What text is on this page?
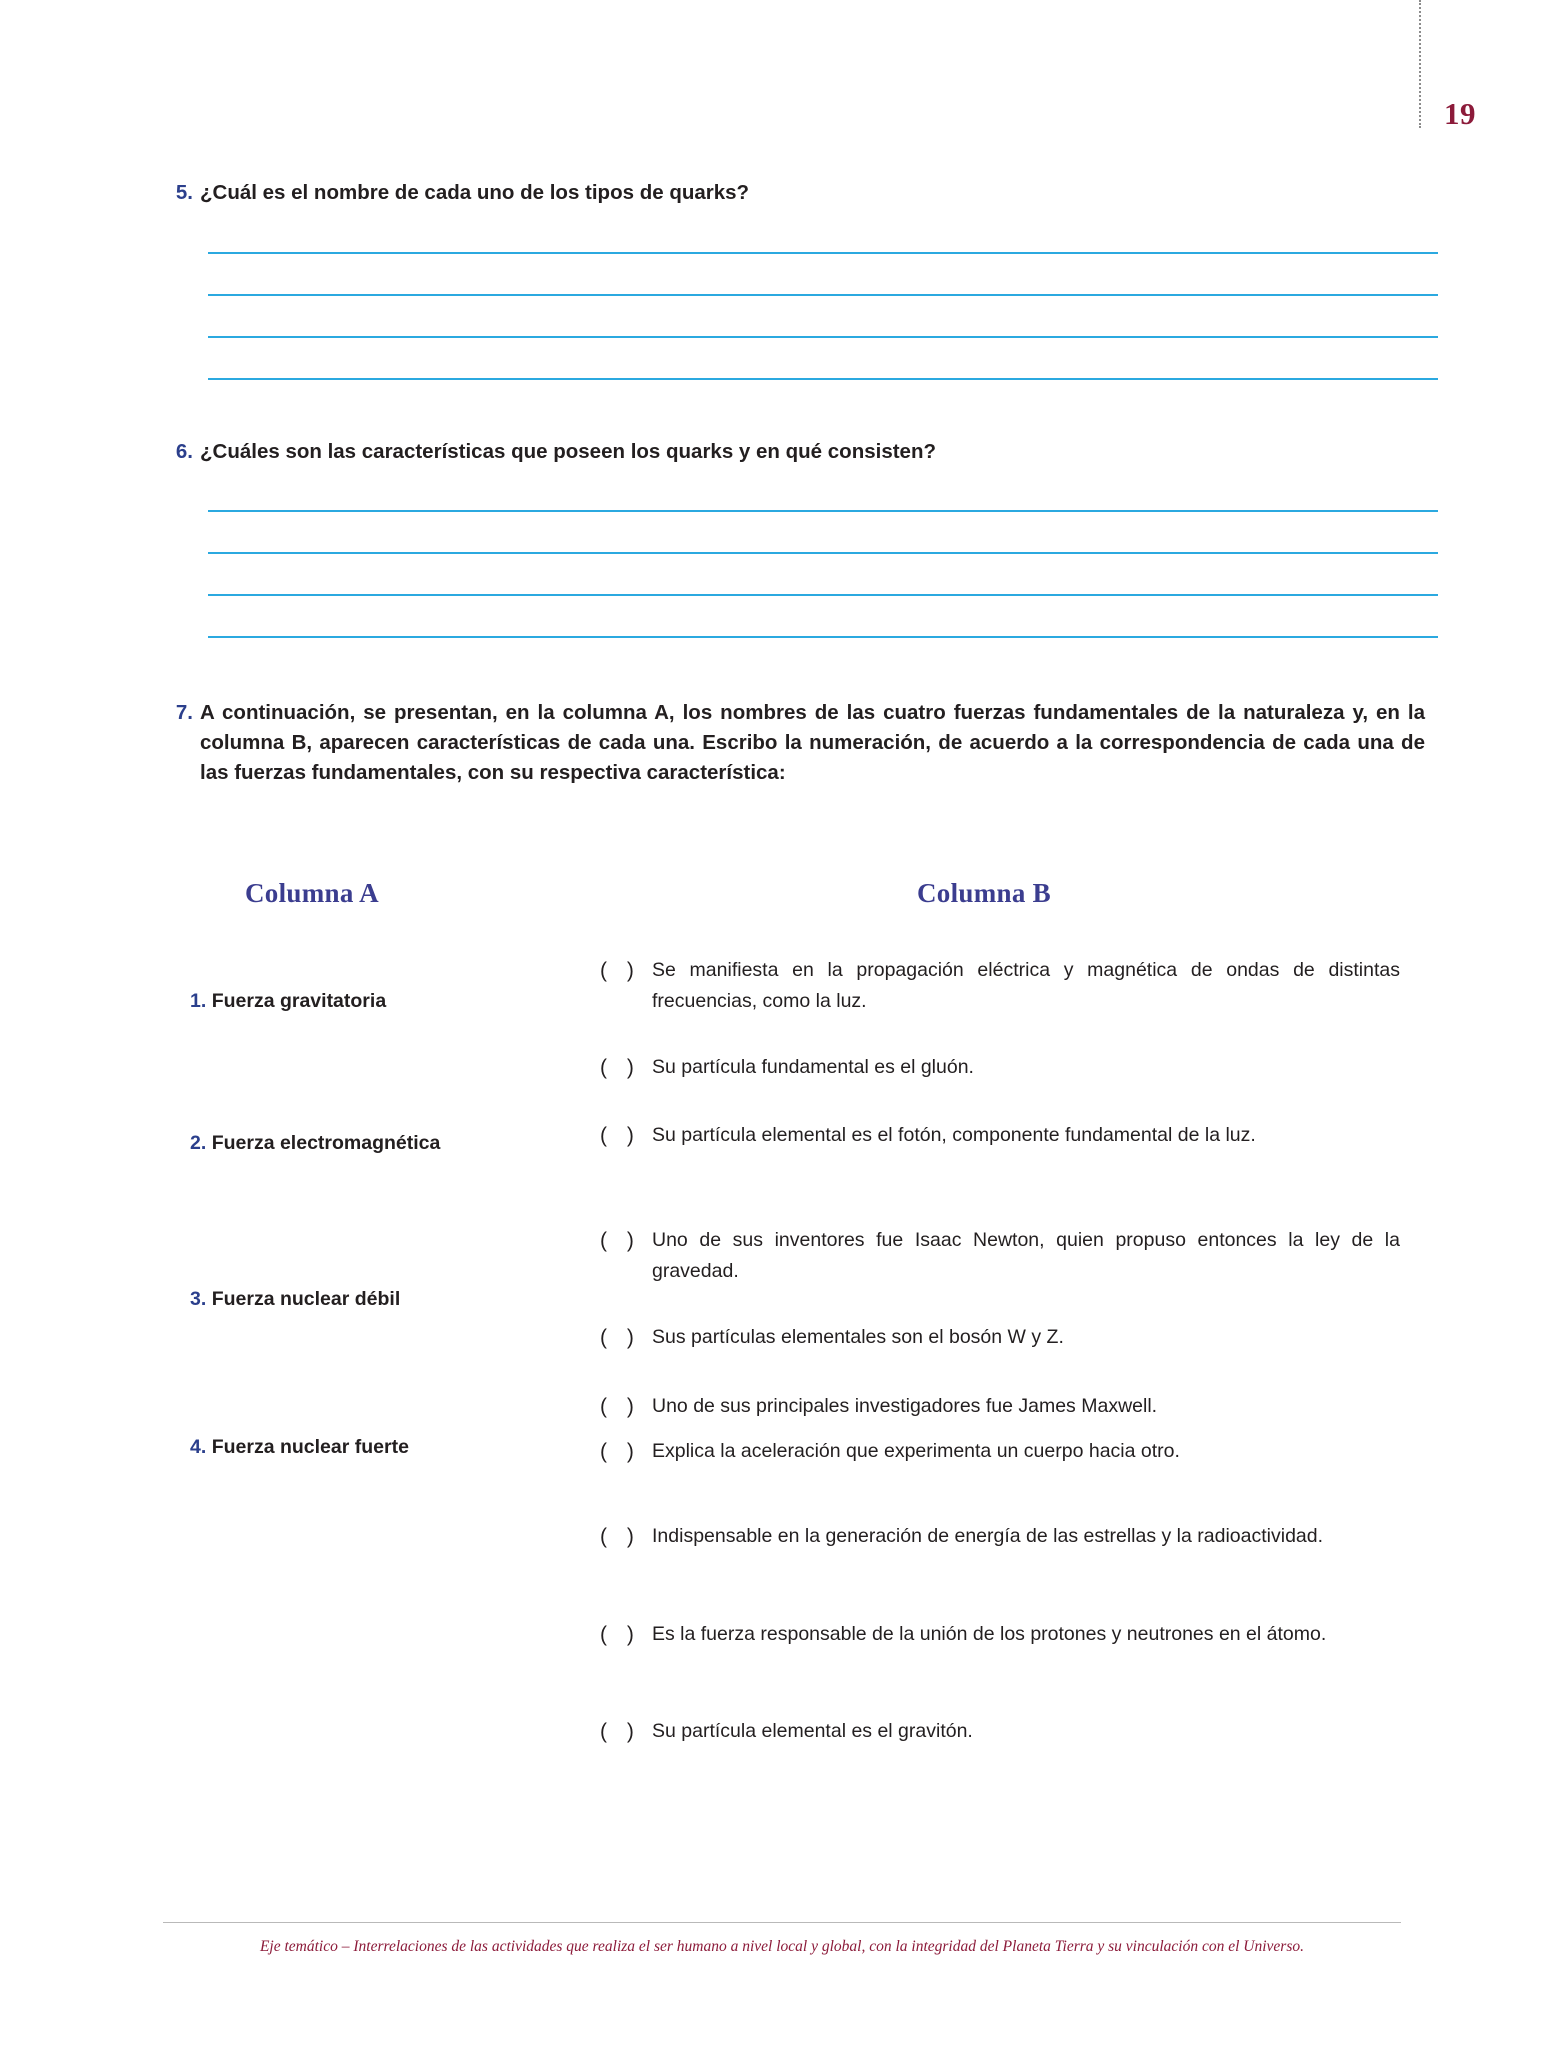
19
5. ¿Cuál es el nombre de cada uno de los tipos de quarks?
6. ¿Cuáles son las características que poseen los quarks y en qué consisten?
7. A continuación, se presentan, en la columna A, los nombres de las cuatro fuerzas fundamentales de la naturaleza y, en la columna B, aparecen características de cada una. Escribo la numeración, de acuerdo a la correspondencia de cada una de las fuerzas fundamentales, con su respectiva característica:
Columna A	Columna B
1. Fuerza gravitatoria
2. Fuerza electromagnética
3. Fuerza nuclear débil
4. Fuerza nuclear fuerte
( ) Se manifiesta en la propagación eléctrica y magnética de ondas de distintas frecuencias, como la luz.
( ) Su partícula fundamental es el gluón.
( ) Su partícula elemental es el fotón, componente fundamental de la luz.
( ) Uno de sus inventores fue Isaac Newton, quien propuso entonces la ley de la gravedad.
( ) Sus partículas elementales son el bosón W y Z.
( ) Uno de sus principales investigadores fue James Maxwell.
( ) Explica la aceleración que experimenta un cuerpo hacia otro.
( ) Indispensable en la generación de energía de las estrellas y la radioactividad.
( ) Es la fuerza responsable de la unión de los protones y neutrones en el átomo.
( ) Su partícula elemental es el gravitón.
Eje temático – Interrelaciones de las actividades que realiza el ser humano a nivel local y global, con la integridad del Planeta Tierra y su vinculación con el Universo.
